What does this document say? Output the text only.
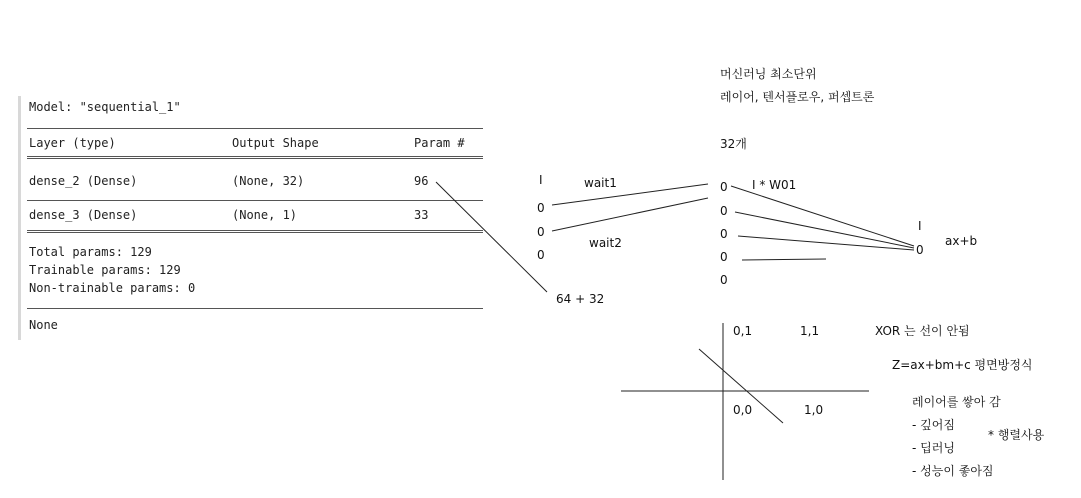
Model: "sequential_1"
Layer (type)	Output Shape	Param #
dense_2 (Dense)	(None, 32)	96
dense_3 (Dense)	(None, 1)	33
Total params: 129
Trainable params: 129
Non-trainable params: 0
None
64 + 32
머신러닝 최소단위
레이어, 텐서플로우, 퍼셉트론
32개
I	wait1
wait2
0
0
0
0
0
0
0
0
I * W01
I
0
ax+b
0,1	1,1
0,0	1,0
XOR 는 선이 안됨
Z=ax+bm+c 평면방정식
레이어를 쌓아 감
- 깊어짐
- 딥러닝
- 성능이 좋아짐
* 행렬사용
